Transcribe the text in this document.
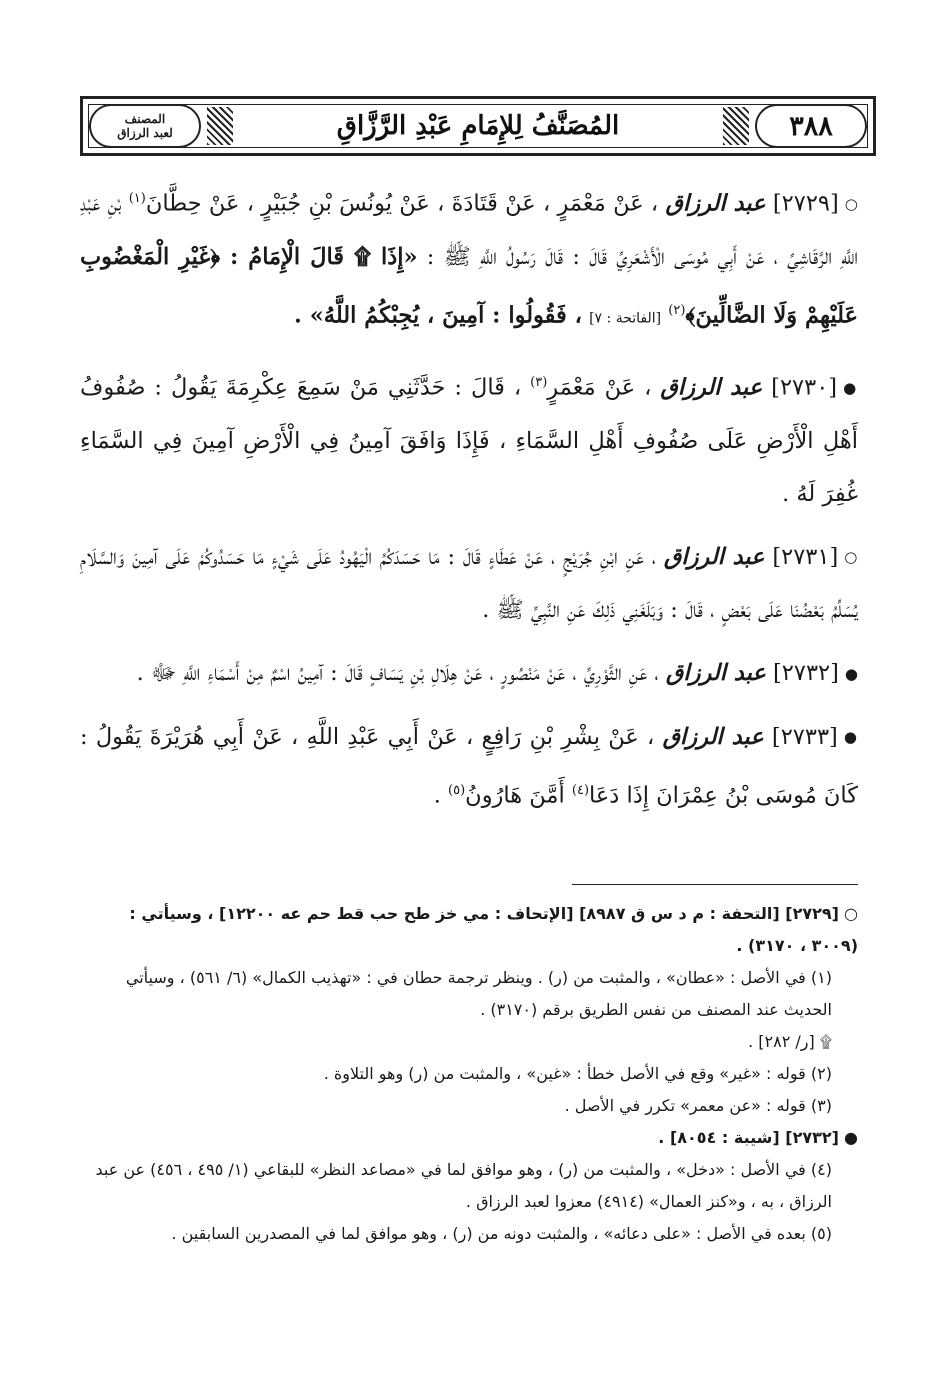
٣٨٨
المُصَنَّفُ لِلإِمَامِ عَبْدِ الرَّزَّاقِ
المصنف
لعبد الرزاق

○[٢٧٢٩] عبد الرزاق ، عَنْ مَعْمَرٍ ، عَنْ قَتَادَةَ ، عَنْ يُونُسَ بْنِ جُبَيْرٍ ، عَنْ حِطَّانَ$^{(١)}$ بْنِ عَبْدِ اللَّهِ الرَّقَاشِيِّ ، عَنْ أَبِي مُوسَى الْأَشْعَرِيِّ قَالَ : قَالَ رَسُولُ اللَّهِ ﷺ : «إِذَا ۩ قَالَ الْإِمَامُ : ﴿غَيْرِ الْمَغْضُوبِ عَلَيْهِمْ وَلَا الضَّالِّينَ﴾$^{(٢)}$ [الفاتحة : ٧] ، فَقُولُوا : آمِينَ ، يُجِبْكُمُ اللَّهُ» .

●[٢٧٣٠] عبد الرزاق ، عَنْ مَعْمَرٍ$^{(٣)}$ ، قَالَ : حَدَّثَنِي مَنْ سَمِعَ عِكْرِمَةَ يَقُولُ : صُفُوفُ أَهْلِ الْأَرْضِ عَلَى صُفُوفِ أَهْلِ السَّمَاءِ ، فَإِذَا وَافَقَ آمِينُ فِي الْأَرْضِ آمِينَ فِي السَّمَاءِ غُفِرَ لَهُ .

○[٢٧٣١] عبد الرزاق ، عَنِ ابْنِ جُرَيْجٍ ، عَنْ عَطَاءٍ قَالَ : مَا حَسَدَكُمُ الْيَهُودُ عَلَى شَيْءٍ مَا حَسَدُوكُمْ عَلَى آمِينَ وَالسَّلَامِ يُسَلِّمُ بَعْضُنَا عَلَى بَعْضٍ ، قَالَ : وَبَلَغَنِي ذَلِكَ عَنِ النَّبِيِّ ﷺ .

●[٢٧٣٢] عبد الرزاق ، عَنِ الثَّوْرِيِّ ، عَنْ مَنْصُورٍ ، عَنْ هِلَالِ بْنِ يَسَافٍ قَالَ : آمِينُ اسْمٌ مِنْ أَسْمَاءِ اللَّهِ ﷻ .

●[٢٧٣٣] عبد الرزاق ، عَنْ بِشْرِ بْنِ رَافِعٍ ، عَنْ أَبِي عَبْدِ اللَّهِ ، عَنْ أَبِي هُرَيْرَةَ يَقُولُ : كَانَ مُوسَى بْنُ عِمْرَانَ إِذَا دَعَا$^{(٤)}$ أَمَّنَ هَارُونُ$^{(٥)}$ .

○ [٢٧٢٩] [التحفة : م د س ق ٨٩٨٧] [الإتحاف : مي خز طح حب قط حم عه ١٢٢٠٠] ، وسيأتي : (٣٠٠٩ ، ٣١٧٠) .

(١) في الأصل : «عطان» ، والمثبت من (ر) . وينظر ترجمة حطان في : «تهذيب الكمال» (٦/ ٥٦١) ، وسيأتي الحديث عند المصنف من نفس الطريق برقم (٣١٧٠) .

۩ [ر/ ٢٨٢] .

(٢) قوله : «غير» وقع في الأصل خطأ : «غين» ، والمثبت من (ر) وهو التلاوة .

(٣) قوله : «عن معمر» تكرر في الأصل .

● [٢٧٣٢] [شيبة : ٨٠٥٤] .

(٤) في الأصل : «دخل» ، والمثبت من (ر) ، وهو موافق لما في «مصاعد النظر» للبقاعي (١/ ٤٩٥ ، ٤٥٦) عن عبد الرزاق ، به ، و«كنز العمال» (٤٩١٤) معزوا لعبد الرزاق .

(٥) بعده في الأصل : «على دعائه» ، والمثبت دونه من (ر) ، وهو موافق لما في المصدرين السابقين .
